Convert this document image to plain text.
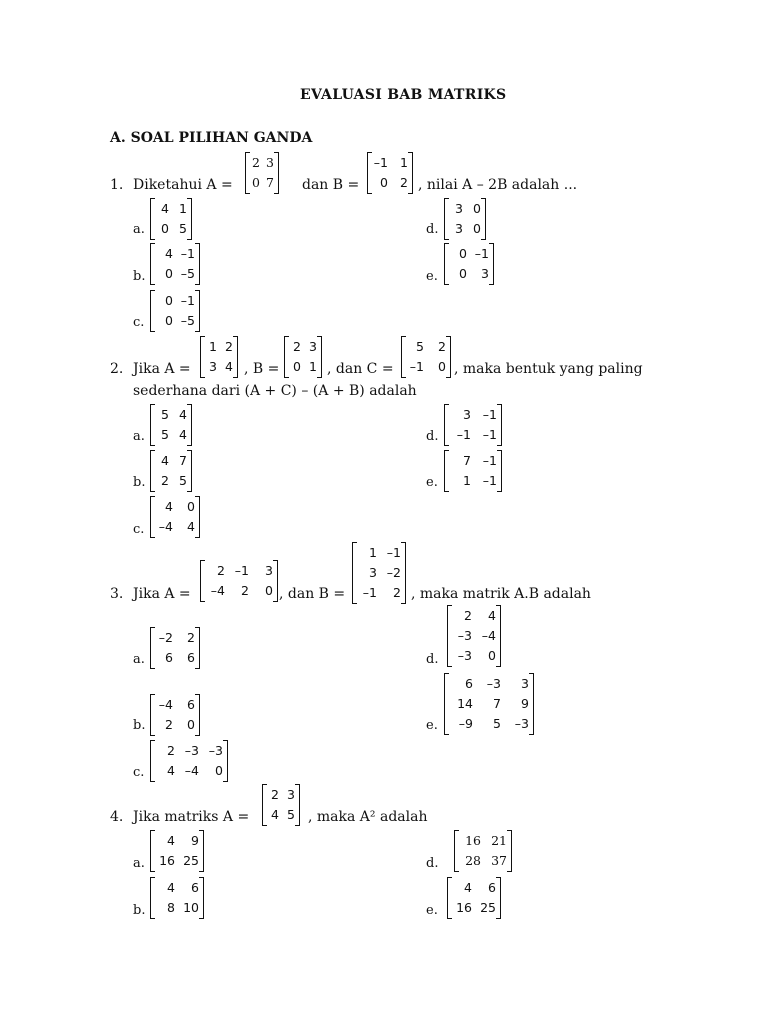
EVALUASI BAB MATRIKS
A. SOAL PILIHAN GANDA
1. Diketahui A =
2 3
0 7 dan B =
–1 1
0 2 , nilai A – 2B adalah ...
a.
4 1
0 5
b.
4 –1
0 –5
c.
0 –1
0 –5
d.
3 0
3 0
e.
0 –1
0	3
2. Jika A =
1 2
3 4 , B =
2 3
0 1 , dan C =
5	2
–1	0 , maka bentuk yang paling
sederhana dari (A + C) – (A + B) adalah
a.
5 4
5 4
b.
4 7
2 5
c.
4	0
–4	4
d.
3 –1
–1 –1
e.
7 –1
1 –1
3. Jika A =
2 –1	3
–4	2	0 , dan B =
1 –1
3 –2
–1	2 , maka matrik A.B adalah
a.
–2	2
6	6
b.
–4	6
2	0
c.
2 –3 –3
4 –4	0
d.
2	4
–3 –4
–3	0
e.
6	–3	3
14	7	9
–9	5	–3
4. Jika matriks A =
2 3
4 5 , maka A² adalah
a.
4	9
16 25
b.
4	6
8 10
d.
16 21
28 37
e.
4	6
16 25
